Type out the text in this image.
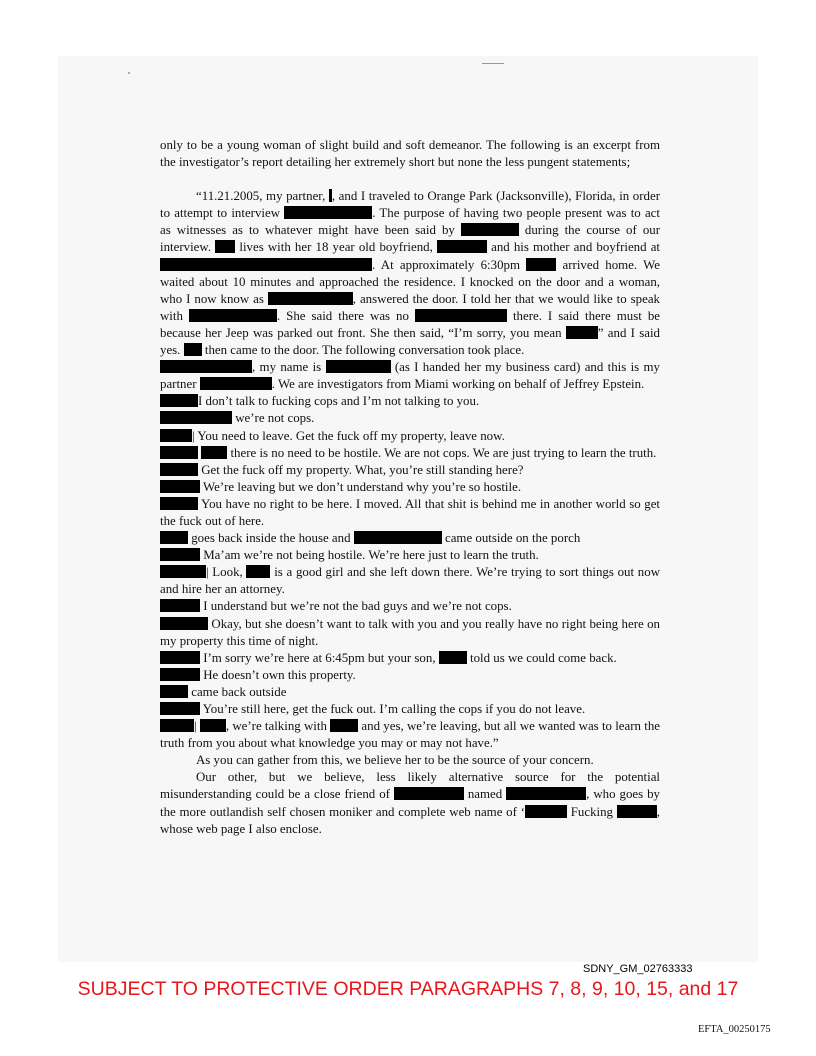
only to be a young woman of slight build and soft demeanor. The following is an excerpt from the investigator’s report detailing her extremely short but none the less pungent statements;

“11.21.2005, my partner, , and I traveled to Orange Park (Jacksonville), Florida, in order to attempt to interview	. The purpose of having two people present was to act as witnesses as to whatever might have been said by	during the course of our interview.  lives with her 18 year old boyfriend,	and his mother and boyfriend at . At approximately 6:30pm  arrived home. We waited about 10 minutes and approached the residence. I knocked on the door and a woman, who I now know as	, answered the door. I told her that we would like to speak with	. She said there was no	there. I said there must be because her Jeep was parked out front. She then said, “I’m sorry, you mean ” and I said yes.  then came to the door. The following conversation took place.

, my name is	(as I handed her my business card) and this is my partner	. We are investigators from Miami working on behalf of Jeffrey Epstein.

I don’t talk to fucking cops and I’m not talking to you.

we’re not cops.

| You need to leave. Get the fuck off my property, leave now.

there is no need to be hostile. We are not cops. We are just trying to learn the truth.

Get the fuck off my property. What, you’re still standing here?

We’re leaving but we don’t understand why you’re so hostile.

You have no right to be here. I moved. All that shit is behind me in another world so get the fuck out of here.

goes back inside the house and	came outside on the porch

Ma’am we’re not being hostile. We’re here just to learn the truth.

| Look,  is a good girl and she left down there. We’re trying to sort things out now and hire her an attorney.

I understand but we’re not the bad guys and we’re not cops.

Okay, but she doesn’t want to talk with you and you really have no right being here on my property this time of night.

I’m sorry we’re here at 6:45pm but your son,  told us we could come back.

He doesn’t own this property.

came back outside

You’re still here, get the fuck out. I’m calling the cops if you do not leave.

| , we’re talking with  and yes, we’re leaving, but all we wanted was to learn the truth from you about what knowledge you may or may not have.”

As you can gather from this, we believe her to be the source of your concern.

Our other, but we believe, less likely alternative source for the potential misunderstanding could be a close friend of	named	, who goes by the more outlandish self chosen moniker and complete web name of ‘	Fucking	, whose web page I also enclose.

SDNY_GM_02763333
SUBJECT TO PROTECTIVE ORDER PARAGRAPHS 7, 8, 9, 10, 15, and 17
EFTA_00250175
